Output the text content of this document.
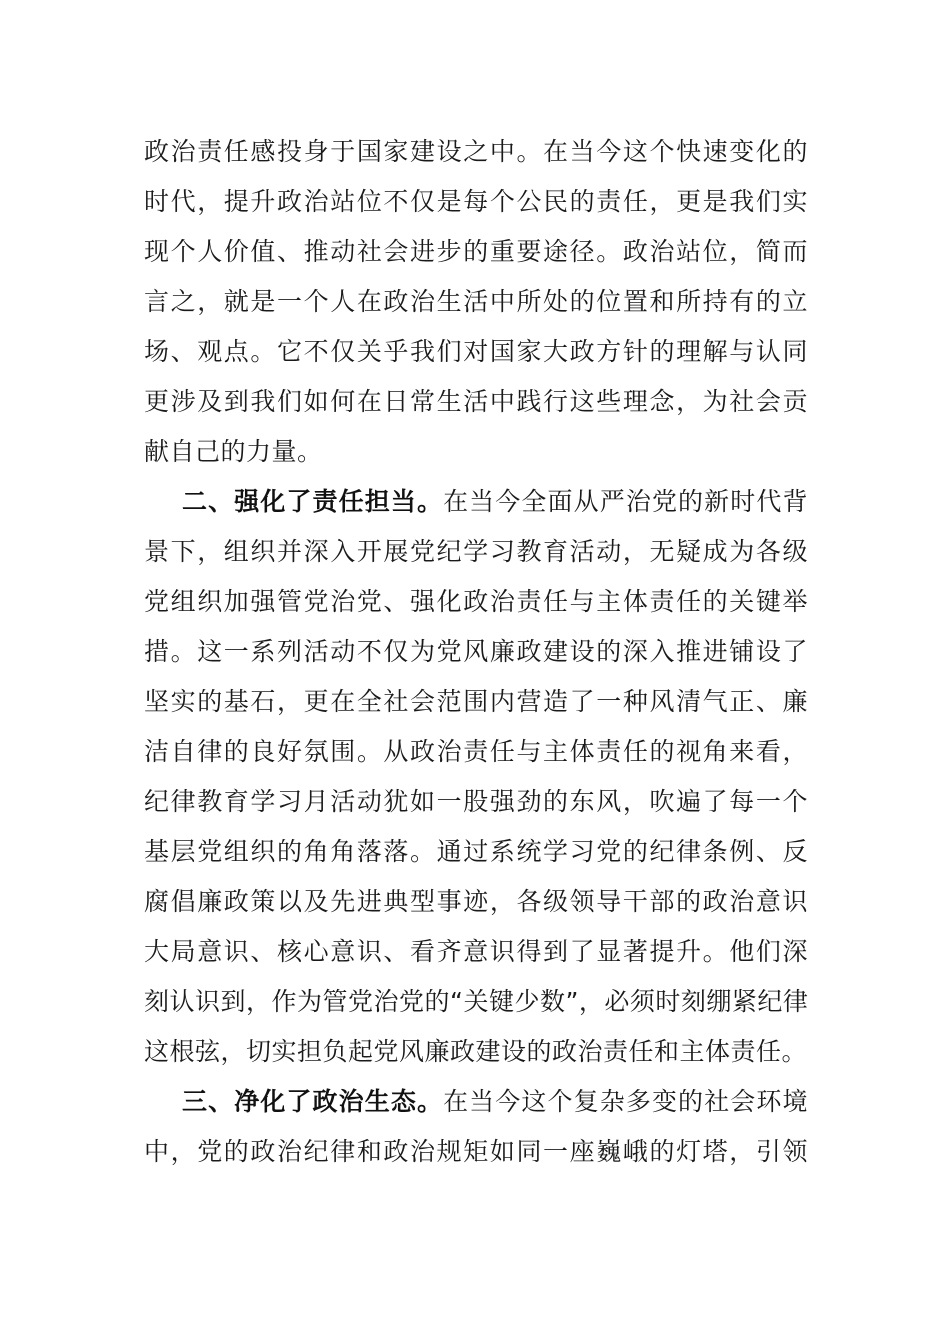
政治责任感投身于国家建设之中。在当今这个快速变化的
时代，提升政治站位不仅是每个公民的责任，更是我们实
现个人价值、推动社会进步的重要途径。政治站位，简而
言之，就是一个人在政治生活中所处的位置和所持有的立
场、观点。它不仅关乎我们对国家大政方针的理解与认同
更涉及到我们如何在日常生活中践行这些理念，为社会贡
献自己的力量。
二、强化了责任担当。在当今全面从严治党的新时代背
景下，组织并深入开展党纪学习教育活动，无疑成为各级
党组织加强管党治党、强化政治责任与主体责任的关键举
措。这一系列活动不仅为党风廉政建设的深入推进铺设了
坚实的基石，更在全社会范围内营造了一种风清气正、廉
洁自律的良好氛围。从政治责任与主体责任的视角来看，
纪律教育学习月活动犹如一股强劲的东风，吹遍了每一个
基层党组织的角角落落。通过系统学习党的纪律条例、反
腐倡廉政策以及先进典型事迹，各级领导干部的政治意识
大局意识、核心意识、看齐意识得到了显著提升。他们深
刻认识到，作为管党治党的“关键少数”，必须时刻绷紧纪律
这根弦，切实担负起党风廉政建设的政治责任和主体责任。
三、净化了政治生态。在当今这个复杂多变的社会环境
中，党的政治纪律和政治规矩如同一座巍峨的灯塔，引领
